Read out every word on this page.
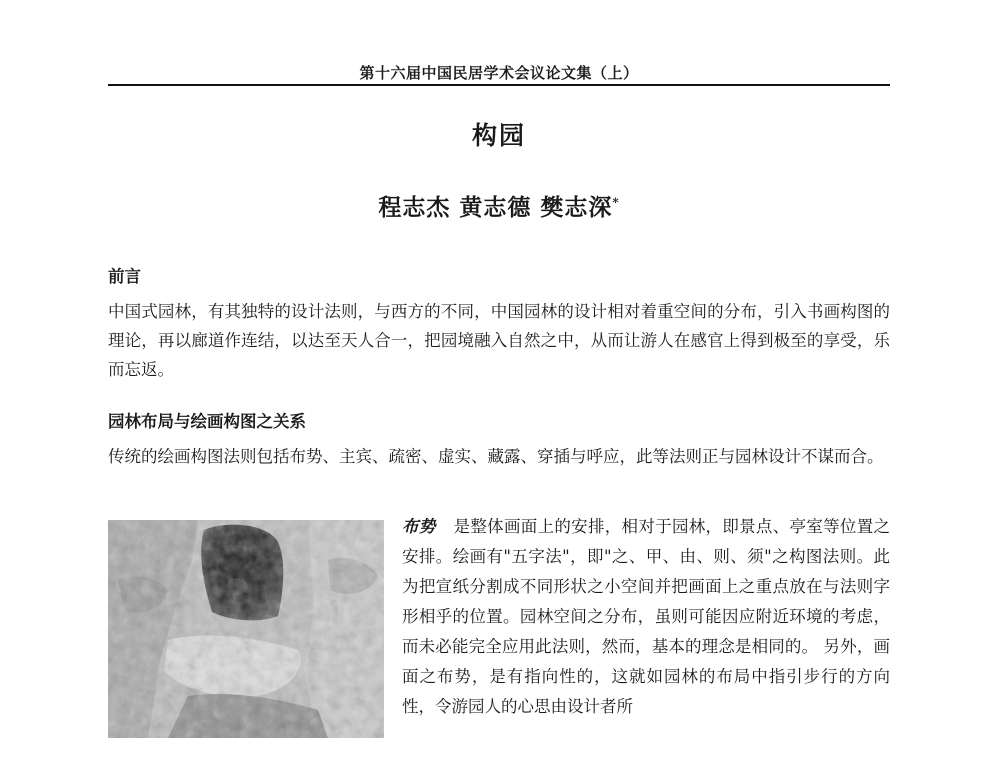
第十六届中国民居学术会议论文集（上）
构园
程志杰 黄志德 樊志深*
前言
中国式园林，有其独特的设计法则，与西方的不同，中国园林的设计相对着重空间的分布，引入书画构图的理论，再以廊道作连结，以达至天人合一，把园境融入自然之中，从而让游人在感官上得到极至的享受，乐而忘返。
园林布局与绘画构图之关系
传统的绘画构图法则包括布势、主宾、疏密、虚实、藏露、穿插与呼应，此等法则正与园林设计不谋而合。
布势 是整体画面上的安排，相对于园林，即景点、亭室等位置之安排。绘画有"五字法"，即"之、甲、由、则、须"之构图法则。此为把宣纸分割成不同形状之小空间并把画面上之重点放在与法则字形相乎的位置。园林空间之分布，虽则可能因应附近环境的考虑，而未必能完全应用此法则，然而，基本的理念是相同的。 另外，画面之布势，是有指向性的，这就如园林的布局中指引步行的方向性，令游园人的心思由设计者所
